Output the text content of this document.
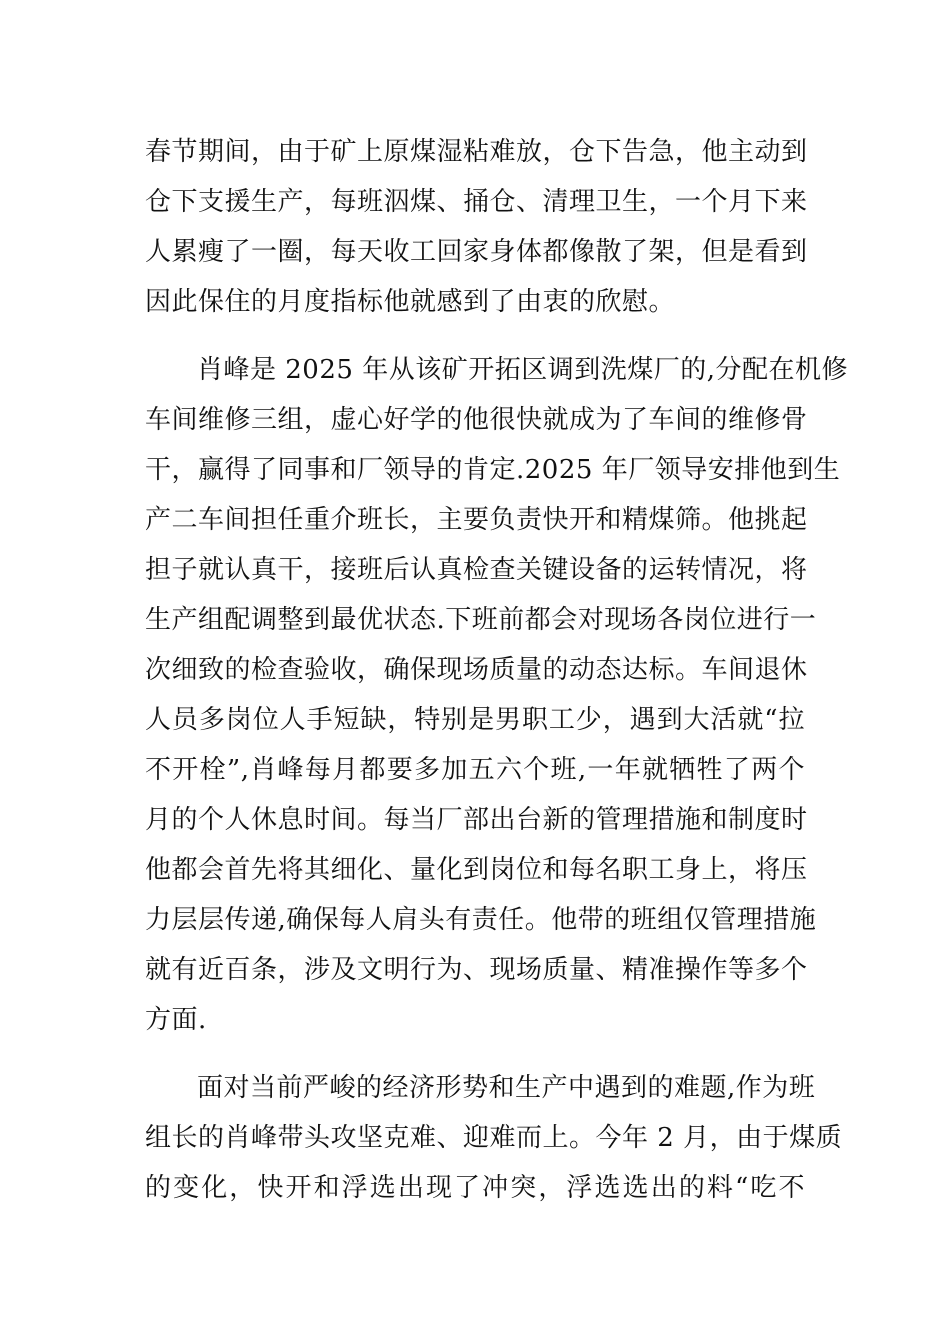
春节期间，由于矿上原煤湿粘难放，仓下告急，他主动到
仓下支援生产，每班泅煤、捅仓、清理卫生，一个月下来
人累瘦了一圈，每天收工回家身体都像散了架，但是看到
因此保住的月度指标他就感到了由衷的欣慰。
肖峰是 2025 年从该矿开拓区调到洗煤厂的,分配在机修
车间维修三组，虚心好学的他很快就成为了车间的维修骨
干，赢得了同事和厂领导的肯定.2025 年厂领导安排他到生
产二车间担任重介班长，主要负责快开和精煤筛。他挑起
担子就认真干，接班后认真检查关键设备的运转情况，将
生产组配调整到最优状态.下班前都会对现场各岗位进行一
次细致的检查验收，确保现场质量的动态达标。车间退休
人员多岗位人手短缺，特别是男职工少，遇到大活就“拉
不开栓”,肖峰每月都要多加五六个班,一年就牺牲了两个
月的个人休息时间。每当厂部出台新的管理措施和制度时
他都会首先将其细化、量化到岗位和每名职工身上，将压
力层层传递,确保每人肩头有责任。他带的班组仅管理措施
就有近百条，涉及文明行为、现场质量、精准操作等多个
方面.
面对当前严峻的经济形势和生产中遇到的难题,作为班
组长的肖峰带头攻坚克难、迎难而上。今年 2 月，由于煤质
的变化，快开和浮选出现了冲突，浮选选出的料“吃不
